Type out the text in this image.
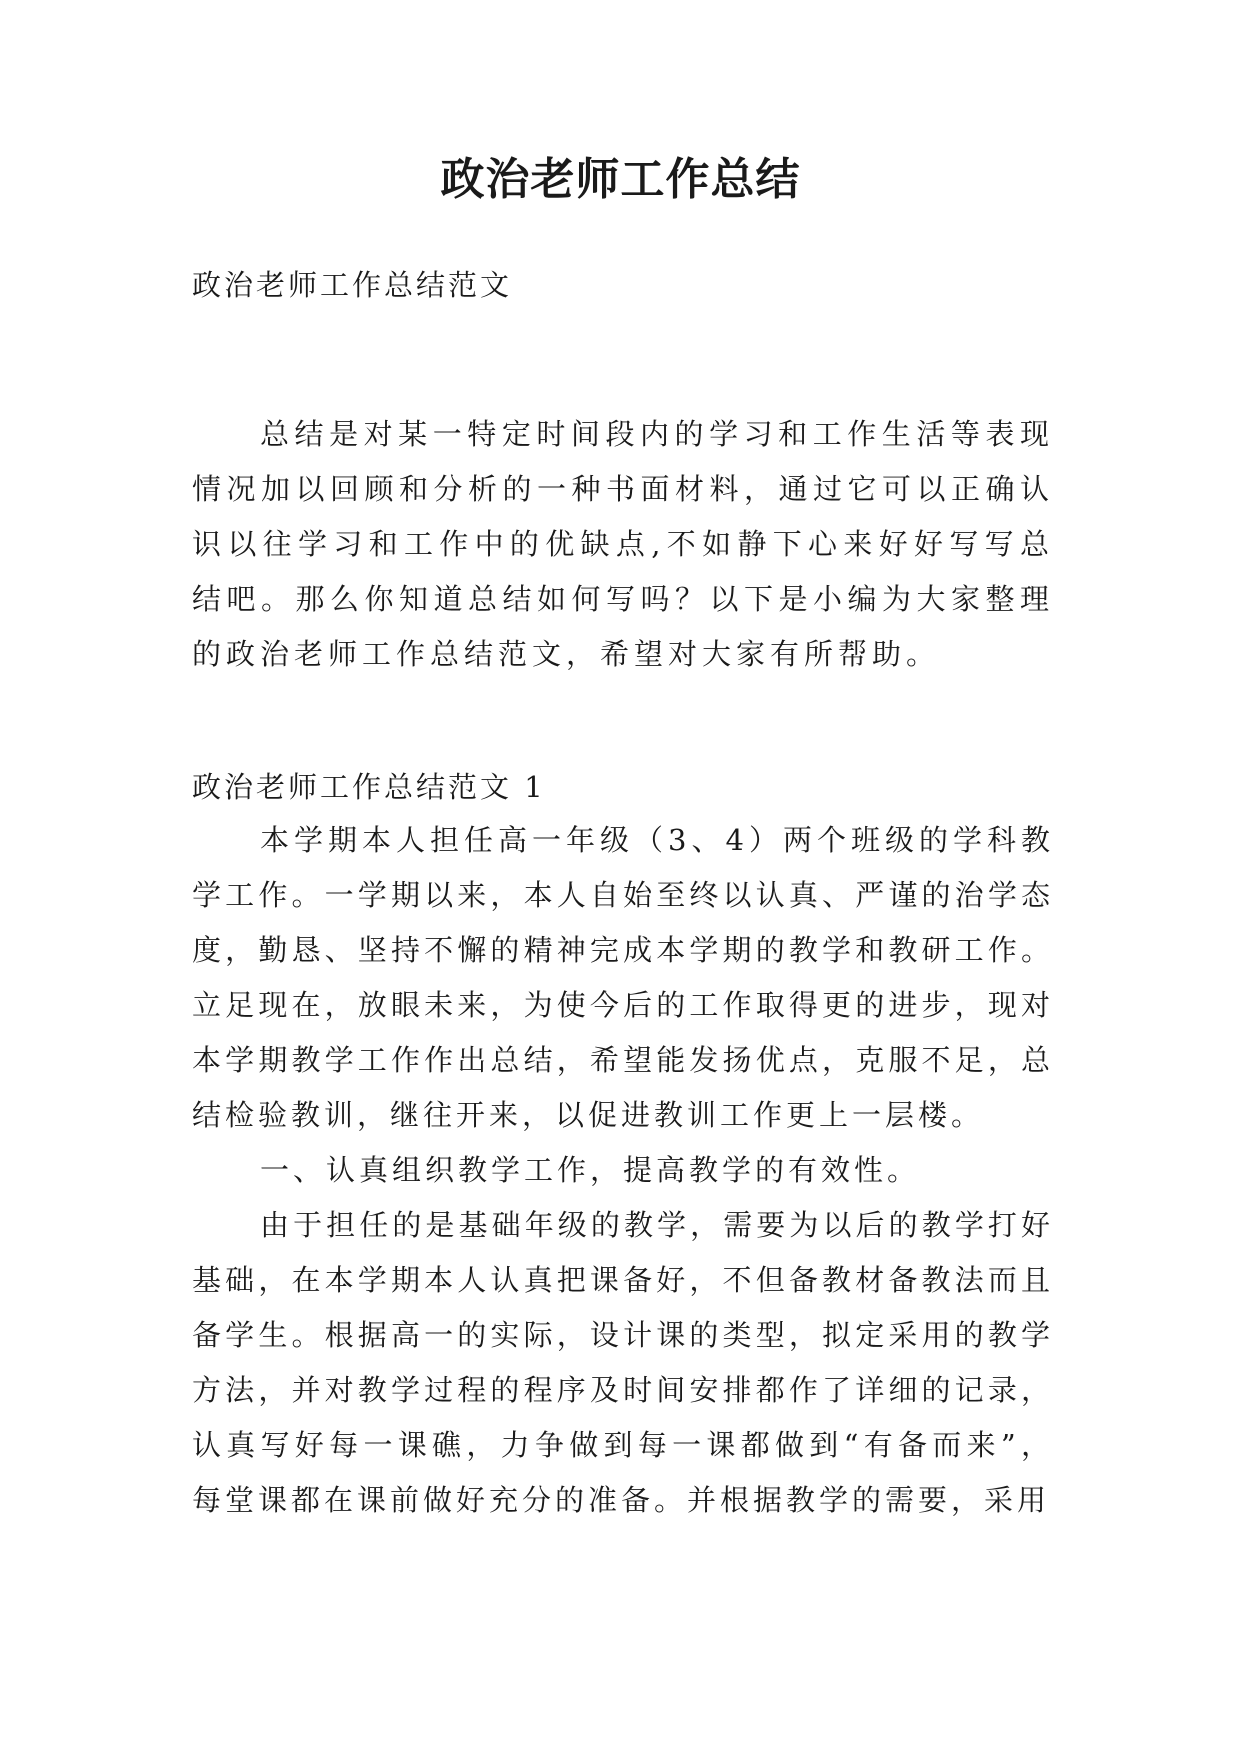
政治老师工作总结
政治老师工作总结范文

总结是对某一特定时间段内的学习和工作生活等表现情况加以回顾和分析的一种书面材料，通过它可以正确认识以往学习和工作中的优缺点,不如静下心来好好写写总结吧。那么你知道总结如何写吗？以下是小编为大家整理的政治老师工作总结范文，希望对大家有所帮助。

政治老师工作总结范文 1

本学期本人担任高一年级（3、4）两个班级的学科教学工作。一学期以来，本人自始至终以认真、严谨的治学态度，勤恳、坚持不懈的精神完成本学期的教学和教研工作。立足现在，放眼未来，为使今后的工作取得更的进步，现对本学期教学工作作出总结，希望能发扬优点，克服不足，总结检验教训，继往开来，以促进教训工作更上一层楼。

一、认真组织教学工作，提高教学的有效性。

由于担任的是基础年级的教学，需要为以后的教学打好基础，在本学期本人认真把课备好，不但备教材备教法而且备学生。根据高一的实际，设计课的类型，拟定采用的教学方法，并对教学过程的程序及时间安排都作了详细的记录，认真写好每一课礁，力争做到每一课都做到“有备而来”，每堂课都在课前做好充分的准备。并根据教学的需要，采用
